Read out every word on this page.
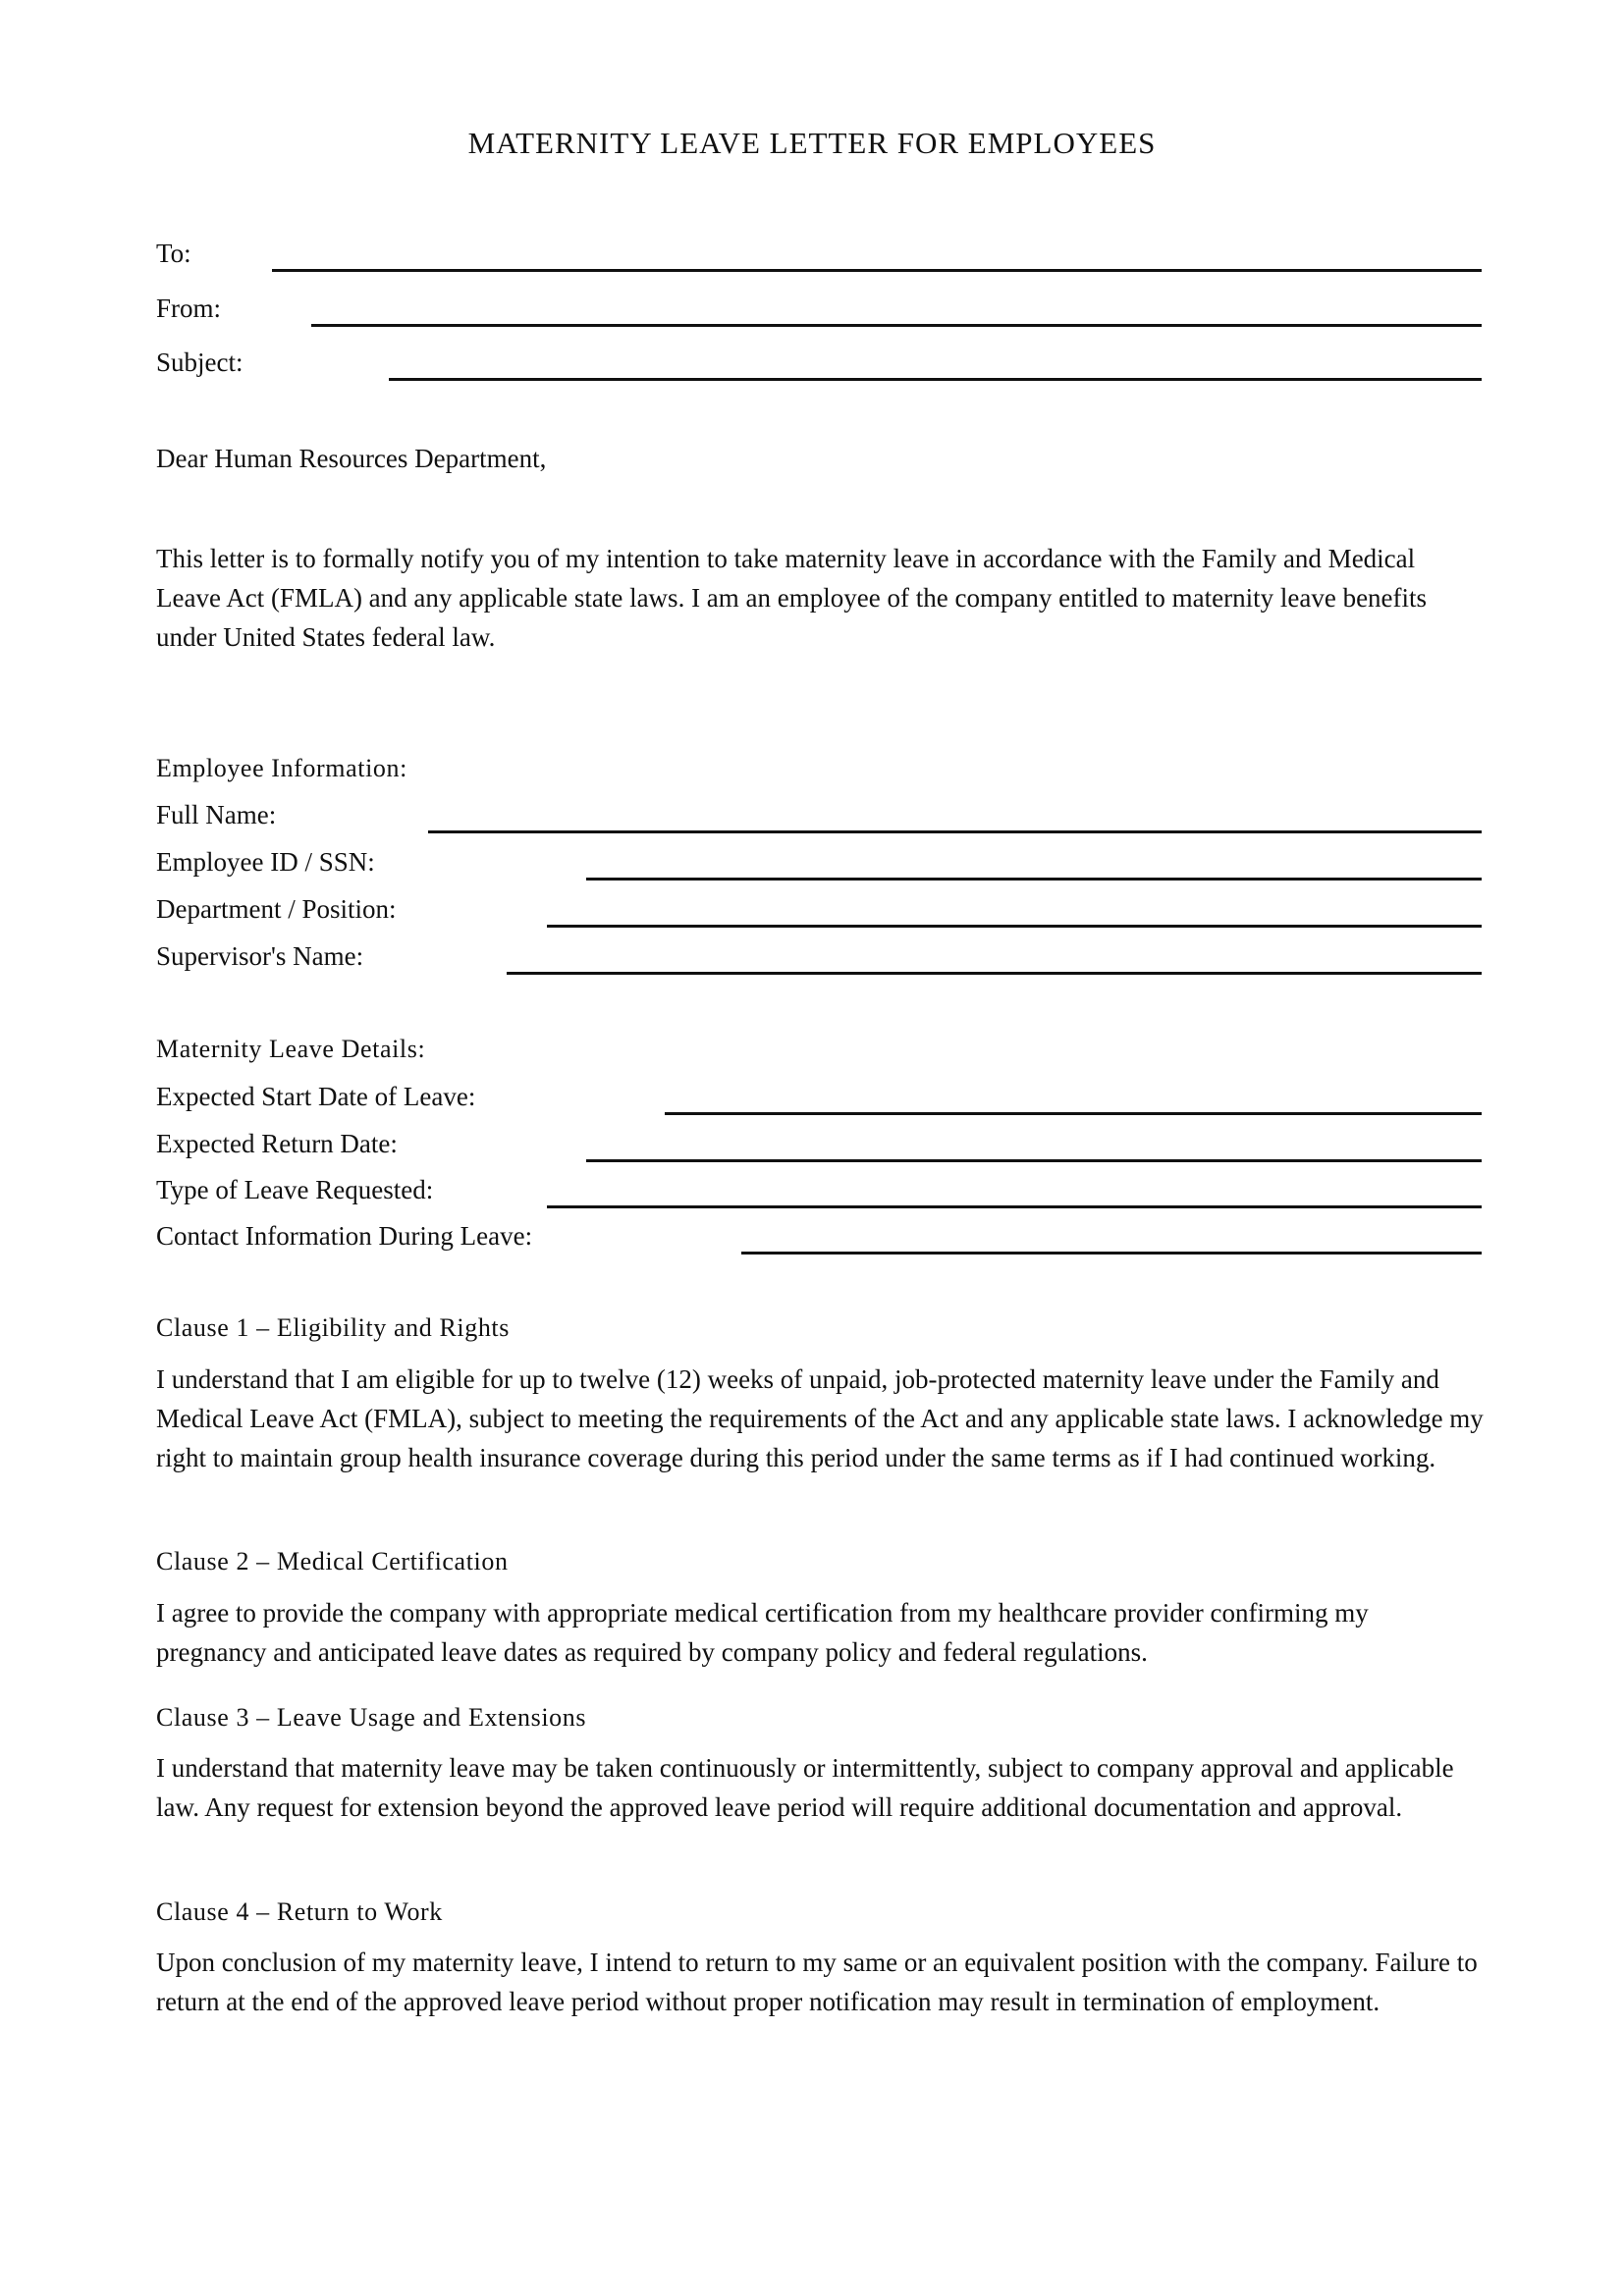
MATERNITY LEAVE LETTER FOR EMPLOYEES
To:
From:
Subject:
Dear Human Resources Department,
This letter is to formally notify you of my intention to take maternity leave in accordance with the Family and Medical Leave Act (FMLA) and any applicable state laws. I am an employee of the company entitled to maternity leave benefits under United States federal law.
Employee Information:
Full Name:
Employee ID / SSN:
Department / Position:
Supervisor's Name:
Maternity Leave Details:
Expected Start Date of Leave:
Expected Return Date:
Type of Leave Requested:
Contact Information During Leave:
Clause 1 – Eligibility and Rights
I understand that I am eligible for up to twelve (12) weeks of unpaid, job-protected maternity leave under the Family and Medical Leave Act (FMLA), subject to meeting the requirements of the Act and any applicable state laws. I acknowledge my right to maintain group health insurance coverage during this period under the same terms as if I had continued working.
Clause 2 – Medical Certification
I agree to provide the company with appropriate medical certification from my healthcare provider confirming my pregnancy and anticipated leave dates as required by company policy and federal regulations.
Clause 3 – Leave Usage and Extensions
I understand that maternity leave may be taken continuously or intermittently, subject to company approval and applicable law. Any request for extension beyond the approved leave period will require additional documentation and approval.
Clause 4 – Return to Work
Upon conclusion of my maternity leave, I intend to return to my same or an equivalent position with the company. Failure to return at the end of the approved leave period without proper notification may result in termination of employment.
